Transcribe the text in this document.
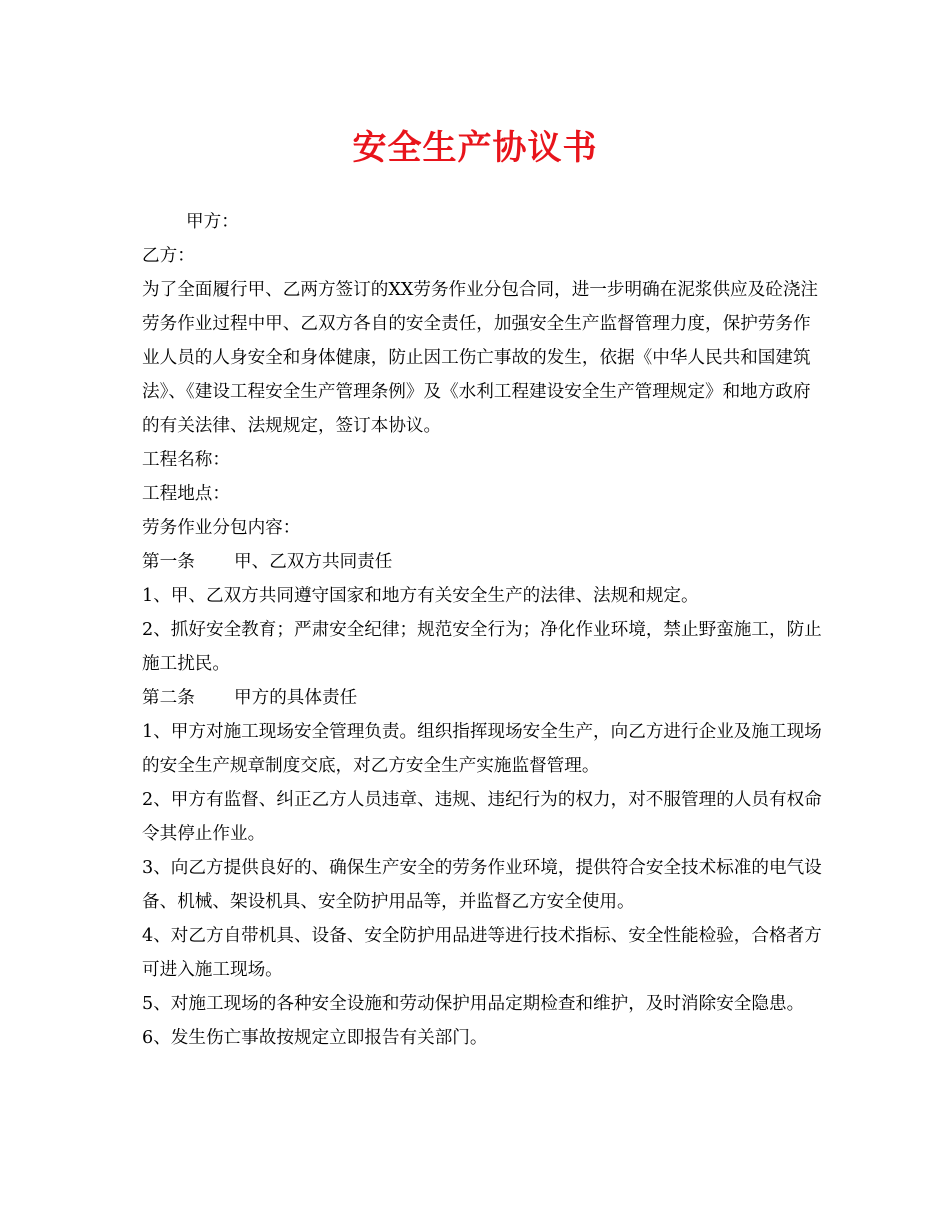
安全生产协议书

甲方：

乙方：

为了全面履行甲、乙两方签订的XX劳务作业分包合同，进一步明确在泥浆供应及砼浇注劳务作业过程中甲、乙双方各自的安全责任，加强安全生产监督管理力度，保护劳务作业人员的人身安全和身体健康，防止因工伤亡事故的发生，依据《中华人民共和国建筑法》、《建设工程安全生产管理条例》及《水利工程建设安全生产管理规定》和地方政府的有关法律、法规规定，签订本协议。

工程名称：

工程地点：

劳务作业分包内容：

第一条 甲、乙双方共同责任

1、甲、乙双方共同遵守国家和地方有关安全生产的法律、法规和规定。

2、抓好安全教育；严肃安全纪律；规范安全行为；净化作业环境，禁止野蛮施工，防止施工扰民。

第二条 甲方的具体责任

1、甲方对施工现场安全管理负责。组织指挥现场安全生产，向乙方进行企业及施工现场的安全生产规章制度交底，对乙方安全生产实施监督管理。

2、甲方有监督、纠正乙方人员违章、违规、违纪行为的权力，对不服管理的人员有权命令其停止作业。

3、向乙方提供良好的、确保生产安全的劳务作业环境，提供符合安全技术标准的电气设备、机械、架设机具、安全防护用品等，并监督乙方安全使用。

4、对乙方自带机具、设备、安全防护用品进等进行技术指标、安全性能检验，合格者方可进入施工现场。

5、对施工现场的各种安全设施和劳动保护用品定期检查和维护，及时消除安全隐患。

6、发生伤亡事故按规定立即报告有关部门。
